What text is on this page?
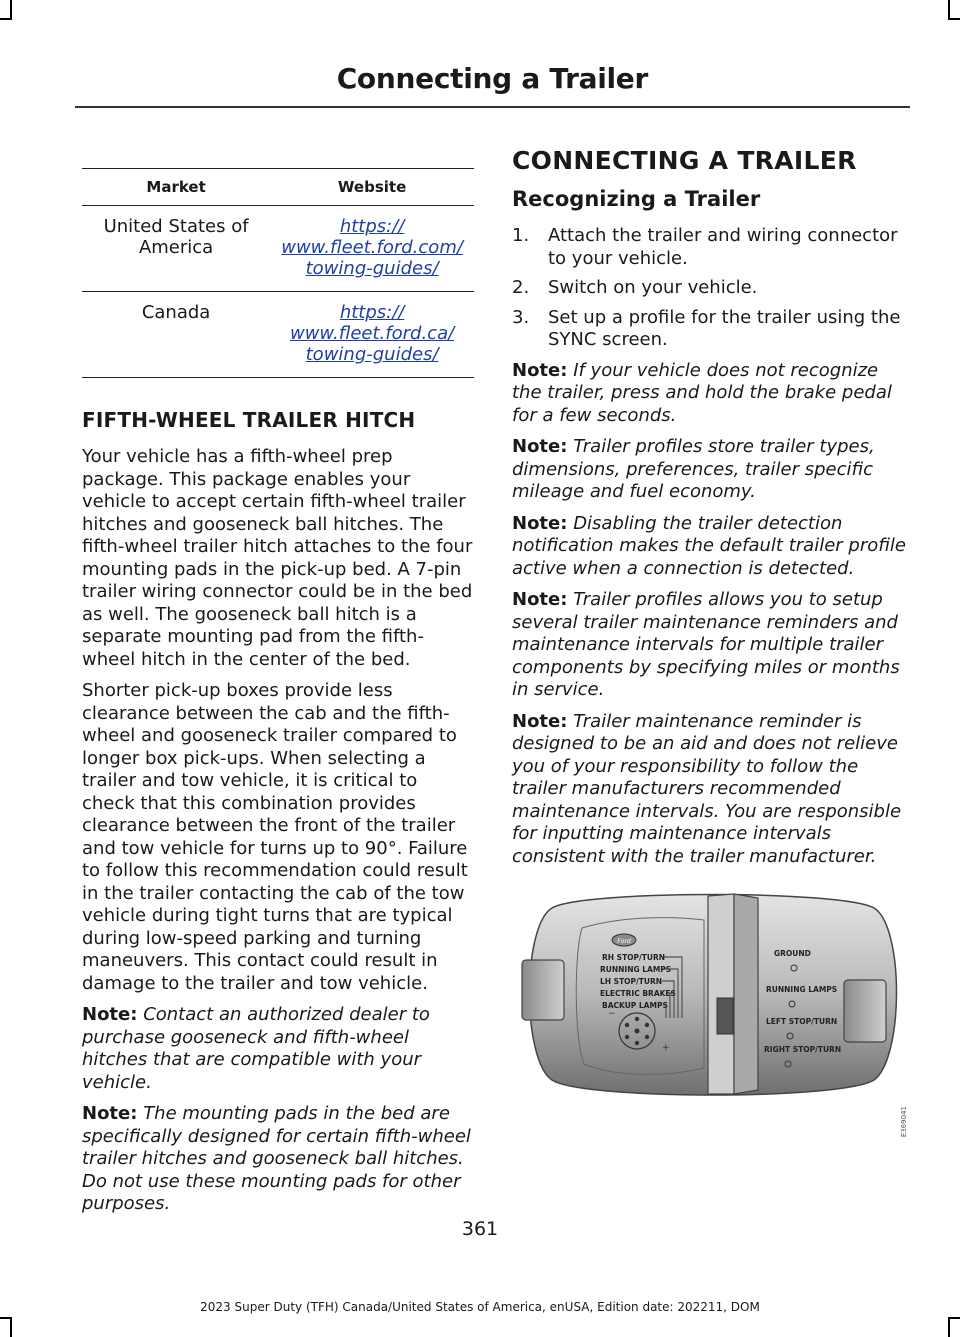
Connecting a Trailer
Market	Website
United States of
America	https://
www.fleet.ford.com/
towing-guides/
Canada	https://
www.fleet.ford.ca/
towing-guides/
FIFTH-WHEEL TRAILER HITCH

Your vehicle has a fifth-wheel prep package. This package enables your vehicle to accept certain fifth-wheel trailer hitches and gooseneck ball hitches. The fifth-wheel trailer hitch attaches to the four mounting pads in the pick-up bed. A 7-pin trailer wiring connector could be in the bed as well. The gooseneck ball hitch is a separate mounting pad from the fifth-wheel hitch in the center of the bed.

Shorter pick-up boxes provide less clearance between the cab and the fifth-wheel and gooseneck trailer compared to longer box pick-ups. When selecting a trailer and tow vehicle, it is critical to check that this combination provides clearance between the front of the trailer and tow vehicle for turns up to 90°. Failure to follow this recommendation could result in the trailer contacting the cab of the tow vehicle during tight turns that are typical during low-speed parking and turning maneuvers. This contact could result in damage to the trailer and tow vehicle.

Note: Contact an authorized dealer to purchase gooseneck and fifth-wheel hitches that are compatible with your vehicle.

Note: The mounting pads in the bed are specifically designed for certain fifth-wheel trailer hitches and gooseneck ball hitches. Do not use these mounting pads for other purposes.

CONNECTING A TRAILER
Recognizing a Trailer
1.	Attach the trailer and wiring connector to your vehicle.
2.	Switch on your vehicle.
3.	Set up a profile for the trailer using the SYNC screen.

Note: If your vehicle does not recognize the trailer, press and hold the brake pedal for a few seconds.

Note: Trailer profiles store trailer types, dimensions, preferences, trailer specific mileage and fuel economy.

Note: Disabling the trailer detection notification makes the default trailer profile active when a connection is detected.

Note: Trailer profiles allows you to setup several trailer maintenance reminders and maintenance intervals for multiple trailer components by specifying miles or months in service.

Note: Trailer maintenance reminder is designed to be an aid and does not relieve you of your responsibility to follow the trailer manufacturers recommended maintenance intervals. You are responsible for inputting maintenance intervals consistent with the trailer manufacturer.

Ford
RH STOP/TURN
RUNNING LAMPS
LH STOP/TURN
ELECTRIC BRAKES
BACKUP LAMPS
−
+
GROUND
RUNNING LAMPS
LEFT STOP/TURN
RIGHT STOP/TURN
E369041
361
2023 Super Duty (TFH) Canada/United States of America, enUSA, Edition date: 202211, DOM
